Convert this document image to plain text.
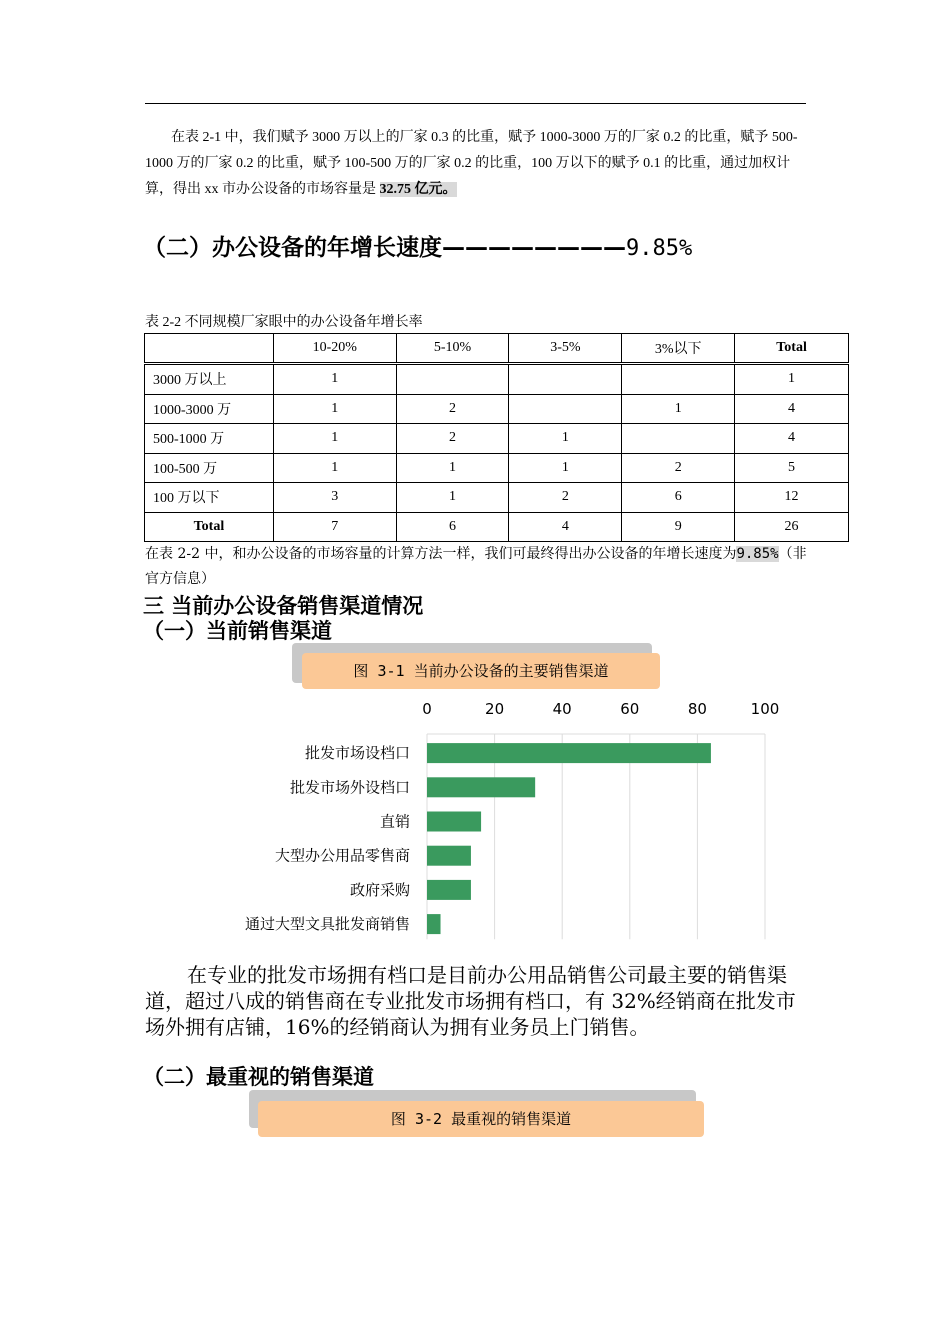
在表 2-1 中，我们赋予 3000 万以上的厂家 0.3 的比重，赋予 1000-3000 万的厂家 0.2 的比重，赋予 500-1000 万的厂家 0.2 的比重，赋予 100-500 万的厂家 0.2 的比重，100 万以下的赋予 0.1 的比重，通过加权计算，得出 xx 市办公设备的市场容量是 32.75 亿元。

（二）办公设备的年增长速度————————9.85%
表 2-2 不同规模厂家眼中的办公设备年增长率
	10-20%	5-10%	3-5%	3%以下	Total
3000 万以上	1				1
1000-3000 万	1	2		1	4
500-1000 万	1	2	1		4
100-500 万	1	1	1	2	5
100 万以下	3	1	2	6	12
Total	7	6	4	9	26

在表 2-2 中，和办公设备的市场容量的计算方法一样，我们可最终得出办公设备的年增长速度为9.85%（非官方信息）

三 当前办公设备销售渠道情况
（一）当前销售渠道
图 3-1 当前办公设备的主要销售渠道
0	20	40	60	80	100
批发市场设档口
批发市场外设档口
直销
大型办公用品零售商
政府采购
通过大型文具批发商销售

在专业的批发市场拥有档口是目前办公用品销售公司最主要的销售渠道，超过八成的销售商在专业批发市场拥有档口，有 32%经销商在批发市场外拥有店铺，16%的经销商认为拥有业务员上门销售。

（二）最重视的销售渠道
图 3-2 最重视的销售渠道
